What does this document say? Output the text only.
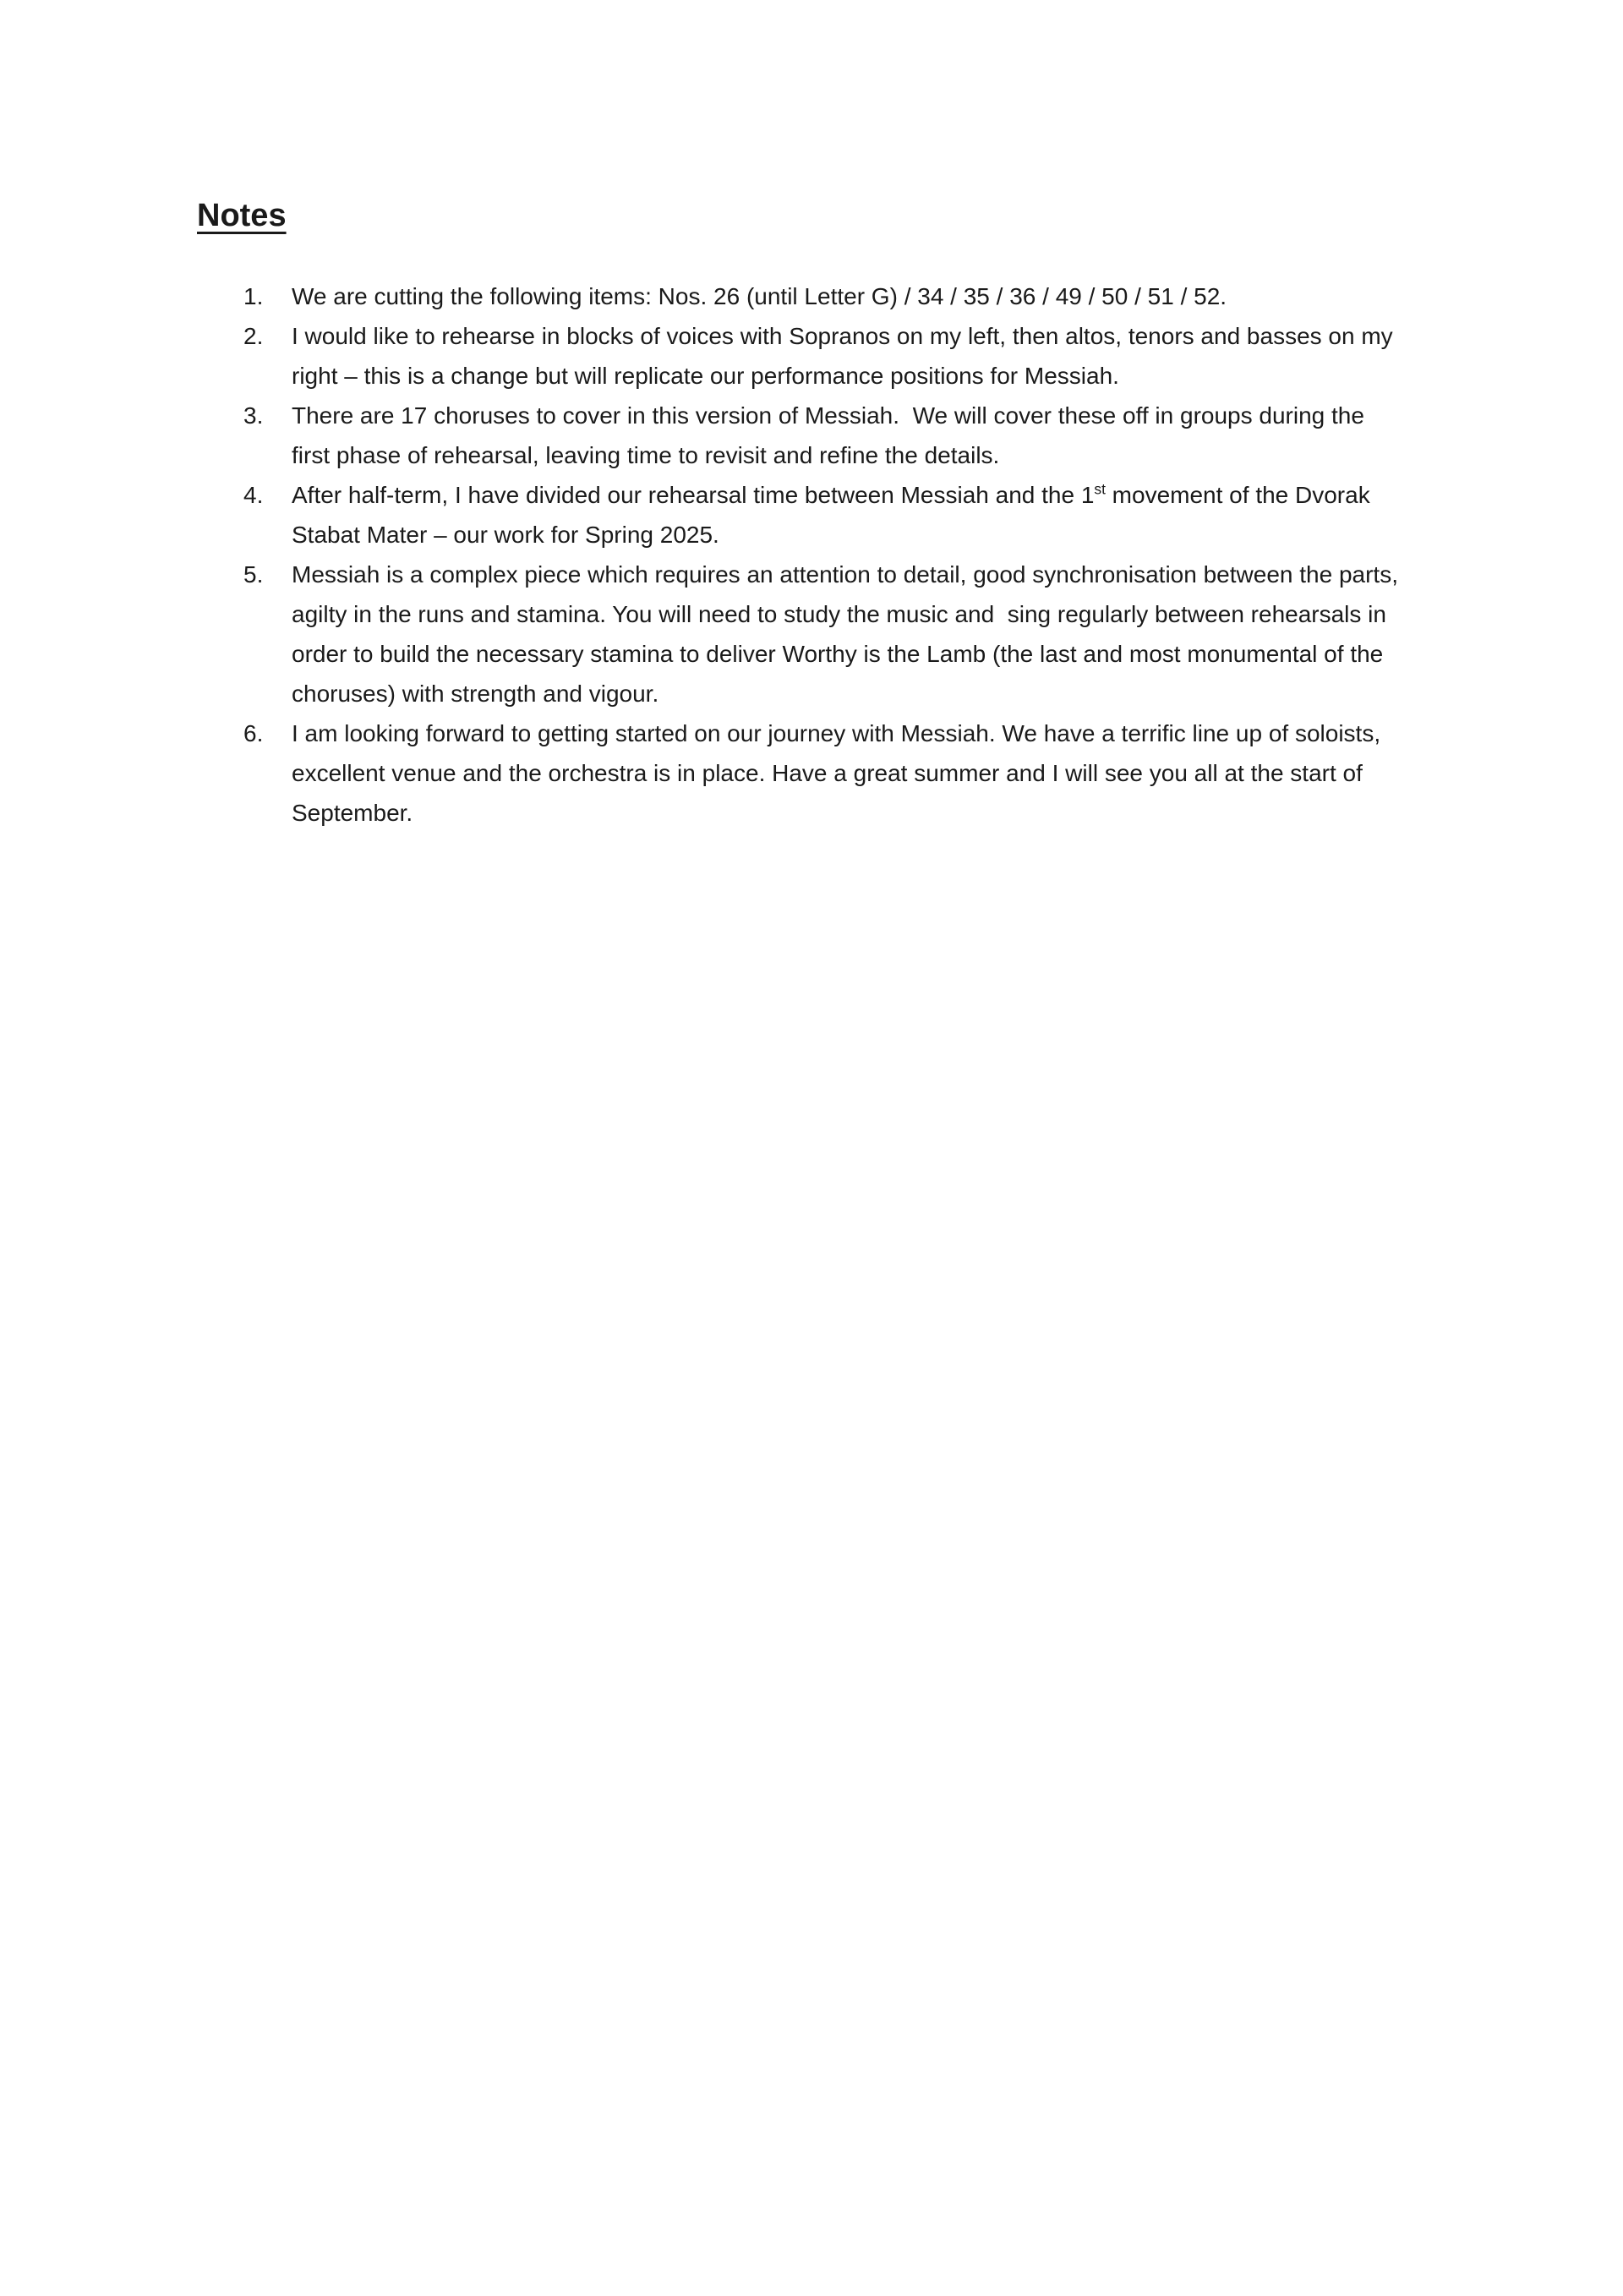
Notes
1.	We are cutting the following items: Nos. 26 (until Letter G) / 34 / 35 / 36 / 49 / 50 / 51 / 52.
2.	I would like to rehearse in blocks of voices with Sopranos on my left, then altos, tenors and basses on my right – this is a change but will replicate our performance positions for Messiah.
3.	There are 17 choruses to cover in this version of Messiah.  We will cover these off in groups during the first phase of rehearsal, leaving time to revisit and refine the details.
4.	After half-term, I have divided our rehearsal time between Messiah and the 1st movement of the Dvorak Stabat Mater – our work for Spring 2025.
5.	Messiah is a complex piece which requires an attention to detail, good synchronisation between the parts, agilty in the runs and stamina. You will need to study the music and  sing regularly between rehearsals in order to build the necessary stamina to deliver Worthy is the Lamb (the last and most monumental of the choruses) with strength and vigour.
6.	I am looking forward to getting started on our journey with Messiah. We have a terrific line up of soloists, excellent venue and the orchestra is in place. Have a great summer and I will see you all at the start of September.
